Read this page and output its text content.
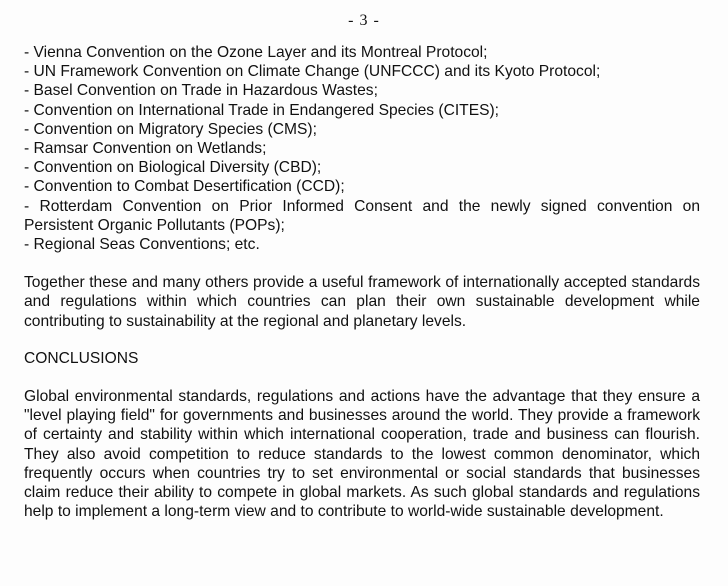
- 3 -
- Vienna Convention on the Ozone Layer and its Montreal Protocol;
- UN Framework Convention on Climate Change (UNFCCC) and its Kyoto Protocol;
- Basel Convention on Trade in Hazardous Wastes;
- Convention on International Trade in Endangered Species (CITES);
- Convention on Migratory Species (CMS);
- Ramsar Convention on Wetlands;
- Convention on Biological Diversity (CBD);
- Convention to Combat Desertification (CCD);
- Rotterdam Convention on Prior Informed Consent and the newly signed convention on Persistent Organic Pollutants (POPs);
- Regional Seas Conventions; etc.

Together these and many others provide a useful framework of internationally accepted standards and regulations within which countries can plan their own sustainable development while contributing to sustainability at the regional and planetary levels.

CONCLUSIONS

Global environmental standards, regulations and actions have the advantage that they ensure a "level playing field" for governments and businesses around the world. They provide a framework of certainty and stability within which international cooperation, trade and business can flourish. They also avoid competition to reduce standards to the lowest common denominator, which frequently occurs when countries try to set environmental or social standards that businesses claim reduce their ability to compete in global markets. As such global standards and regulations help to implement a long-term view and to contribute to world-wide sustainable development.
